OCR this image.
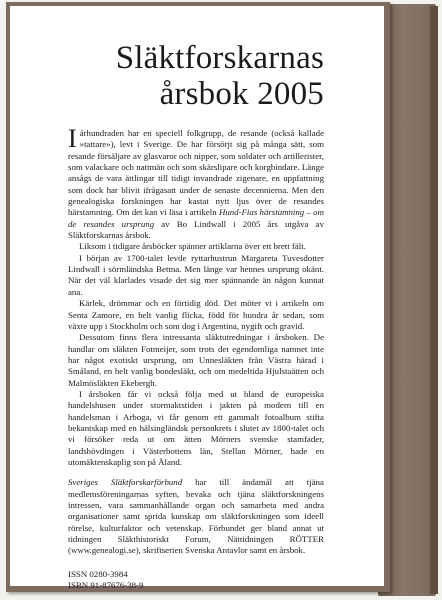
Släktforskarnas
årsbok 2005

Iårhundraden har en speciell folkgrupp, de resande (också kallade »tattare»), levt i Sverige. De har försörjt sig på många sätt, som resande försäljare av glasvaror och nipper, som soldater och artillerister, som valackare och nattmän och som skärslipare och korgbindare. Länge ansågs de vara ättlingar till tidigt invandrade zigenare, en uppfattning som dock har blivit ifrågasatt under de senaste decennierna. Men den genealogiska forskningen har kastat nytt ljus över de resandes härstamning. Om det kan vi läsa i artikeln Hund-Fias härstamning – om de resandes ursprung av Bo Lindwall i 2005 års utgåva av Släktforskarnas årsbok.

Liksom i tidigare årsböcker spänner artiklarna över ett brett fält.

I början av 1700-talet levde ryttarhustrun Margareta Tuvesdotter Lindwall i sörmländska Bettna. Men länge var hennes ursprung okänt. När det väl klarlades visade det sig mer spännande än någon kunnat ana.

Kärlek, drömmar och en förtidig död. Det möter vi i artikeln om Senta Zamore, en helt vanlig flicka, född för hundra år sedan, som växte upp i Stockholm och som dog i Argentina, nygift och gravid.

Dessutom finns flera intressanta släktutredningar i årsboken. De handlar om släkten Fotmeijer, som trots det egendomliga namnet inte har något exotiskt ursprung, om Unnesläkten från Västra härad i Småland, en helt vanlig bondesläkt, och om medeltida Hjulstaätten och Malmösläkten Ekebergh.

I årsboken får vi också följa med ut bland de europeiska handelshusen under stormaktstiden i jakten på modern till en handelsman i Arboga, vi får genom ett gammalt fotoalbum stifta bekantskap med en hälsingländsk personkrets i slutet av 1800-talet och vi försöker reda ut om ätten Mörners svenske stamfader, landshövdingen i Västerbottens län, Stellan Mörner, hade en utomäktenskaplig son på Åland.

Sveriges Släktforskarförbund har till ändamål att tjäna medlemsföreningarnas syften, bevaka och tjäna släktforskningens intressen, vara sammanhållande organ och samarbeta med andra organisationer samt sprida kunskap om släktforskningen som ideell rörelse, kulturfaktor och vetenskap. Förbundet ger bland annat ut tidningen Släkthistoriskt Forum, Nättidningen RÖTTER (www.genealogi.se), skriftserien Svenska Antavlor samt en årsbok.

ISSN 0280-3984
ISBN 91-87676-38-9
